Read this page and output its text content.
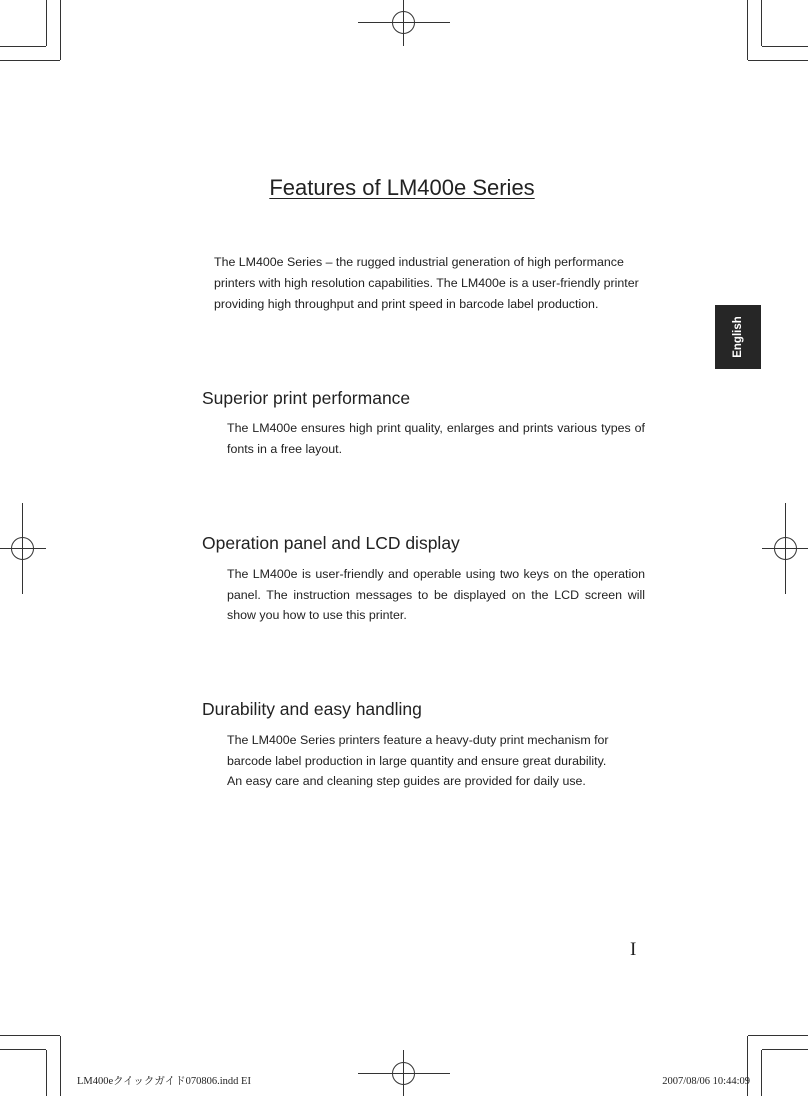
Features of LM400e Series

The LM400e Series – the rugged industrial generation of high performance printers with high resolution capabilities. The LM400e is a user-friendly printer providing high throughput and print speed in barcode label production.

English
Superior print performance

The LM400e ensures high print quality, enlarges and prints various types of fonts in a free layout.

Operation panel and LCD display

The LM400e is user-friendly and operable using two keys on the operation panel. The instruction messages to be displayed on the LCD screen will show you how to use this printer.

Durability and easy handling

The LM400e Series printers feature a heavy-duty print mechanism for barcode label production in large quantity and ensure great durability.

An easy care and cleaning step guides are provided for daily use.

I
LM400eクイックガイド070806.indd EI	2007/08/06 10:44:09
